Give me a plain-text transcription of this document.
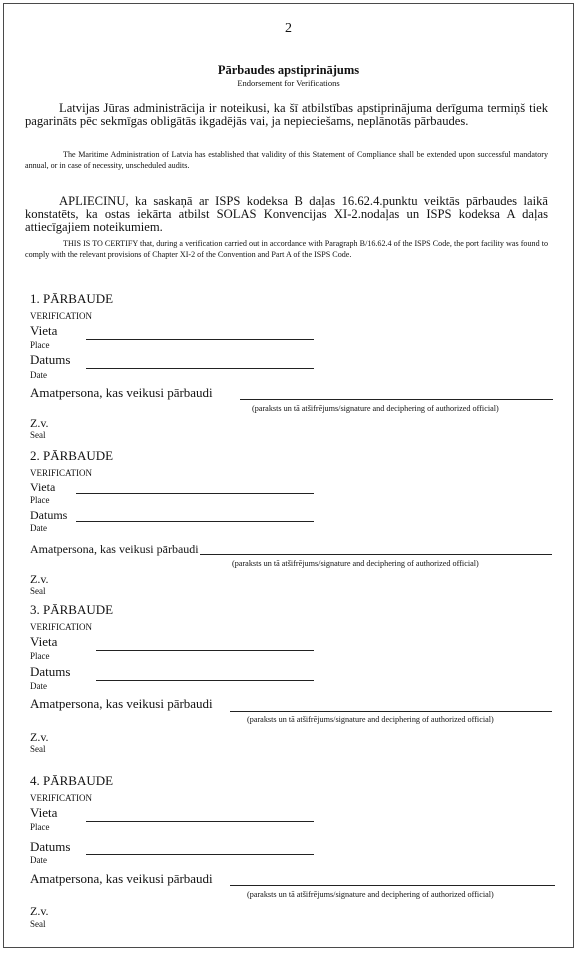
2
Pārbaudes apstiprinājums
Endorsement for Verifications
Latvijas Jūras administrācija ir noteikusi, ka šī atbilstības apstiprinājuma derīguma termiņš tiek pagarināts pēc sekmīgas obligātās ikgadējās vai, ja nepieciešams, neplānotās pārbaudes.
The Maritime Administration of Latvia has established that validity of this Statement of Compliance shall be extended upon successful mandatory annual, or in case of necessity, unscheduled audits.
APLIECINU, ka saskaņā ar ISPS kodeksa B daļas 16.62.4.punktu veiktās pārbaudes laikā konstatēts, ka ostas iekārta atbilst SOLAS Konvencijas XI-2.nodaļas un ISPS kodeksa A daļas attiecīgajiem noteikumiem.
THIS IS TO CERTIFY that, during a verification carried out in accordance with Paragraph B/16.62.4 of the ISPS Code, the port facility was found to comply with the relevant provisions of Chapter XI-2 of the Convention and Part A of the ISPS Code.
1. PĀRBAUDE
VERIFICATION
Vieta
Place
Datums
Date
Amatpersona, kas veikusi pārbaudi
(paraksts un tā atšifrējums/signature and deciphering of authorized official)
Z.v.
Seal
2. PĀRBAUDE
VERIFICATION
Vieta
Place
Datums
Date
Amatpersona, kas veikusi pārbaudi
(paraksts un tā atšifrējums/signature and deciphering of authorized official)
Z.v.
Seal
3. PĀRBAUDE
VERIFICATION
Vieta
Place
Datums
Date
Amatpersona, kas veikusi pārbaudi
(paraksts un tā atšifrējums/signature and deciphering of authorized official)
Z.v.
Seal
4. PĀRBAUDE
VERIFICATION
Vieta
Place
Datums
Date
Amatpersona, kas veikusi pārbaudi
(paraksts un tā atšifrējums/signature and deciphering of authorized official)
Z.v.
Seal
